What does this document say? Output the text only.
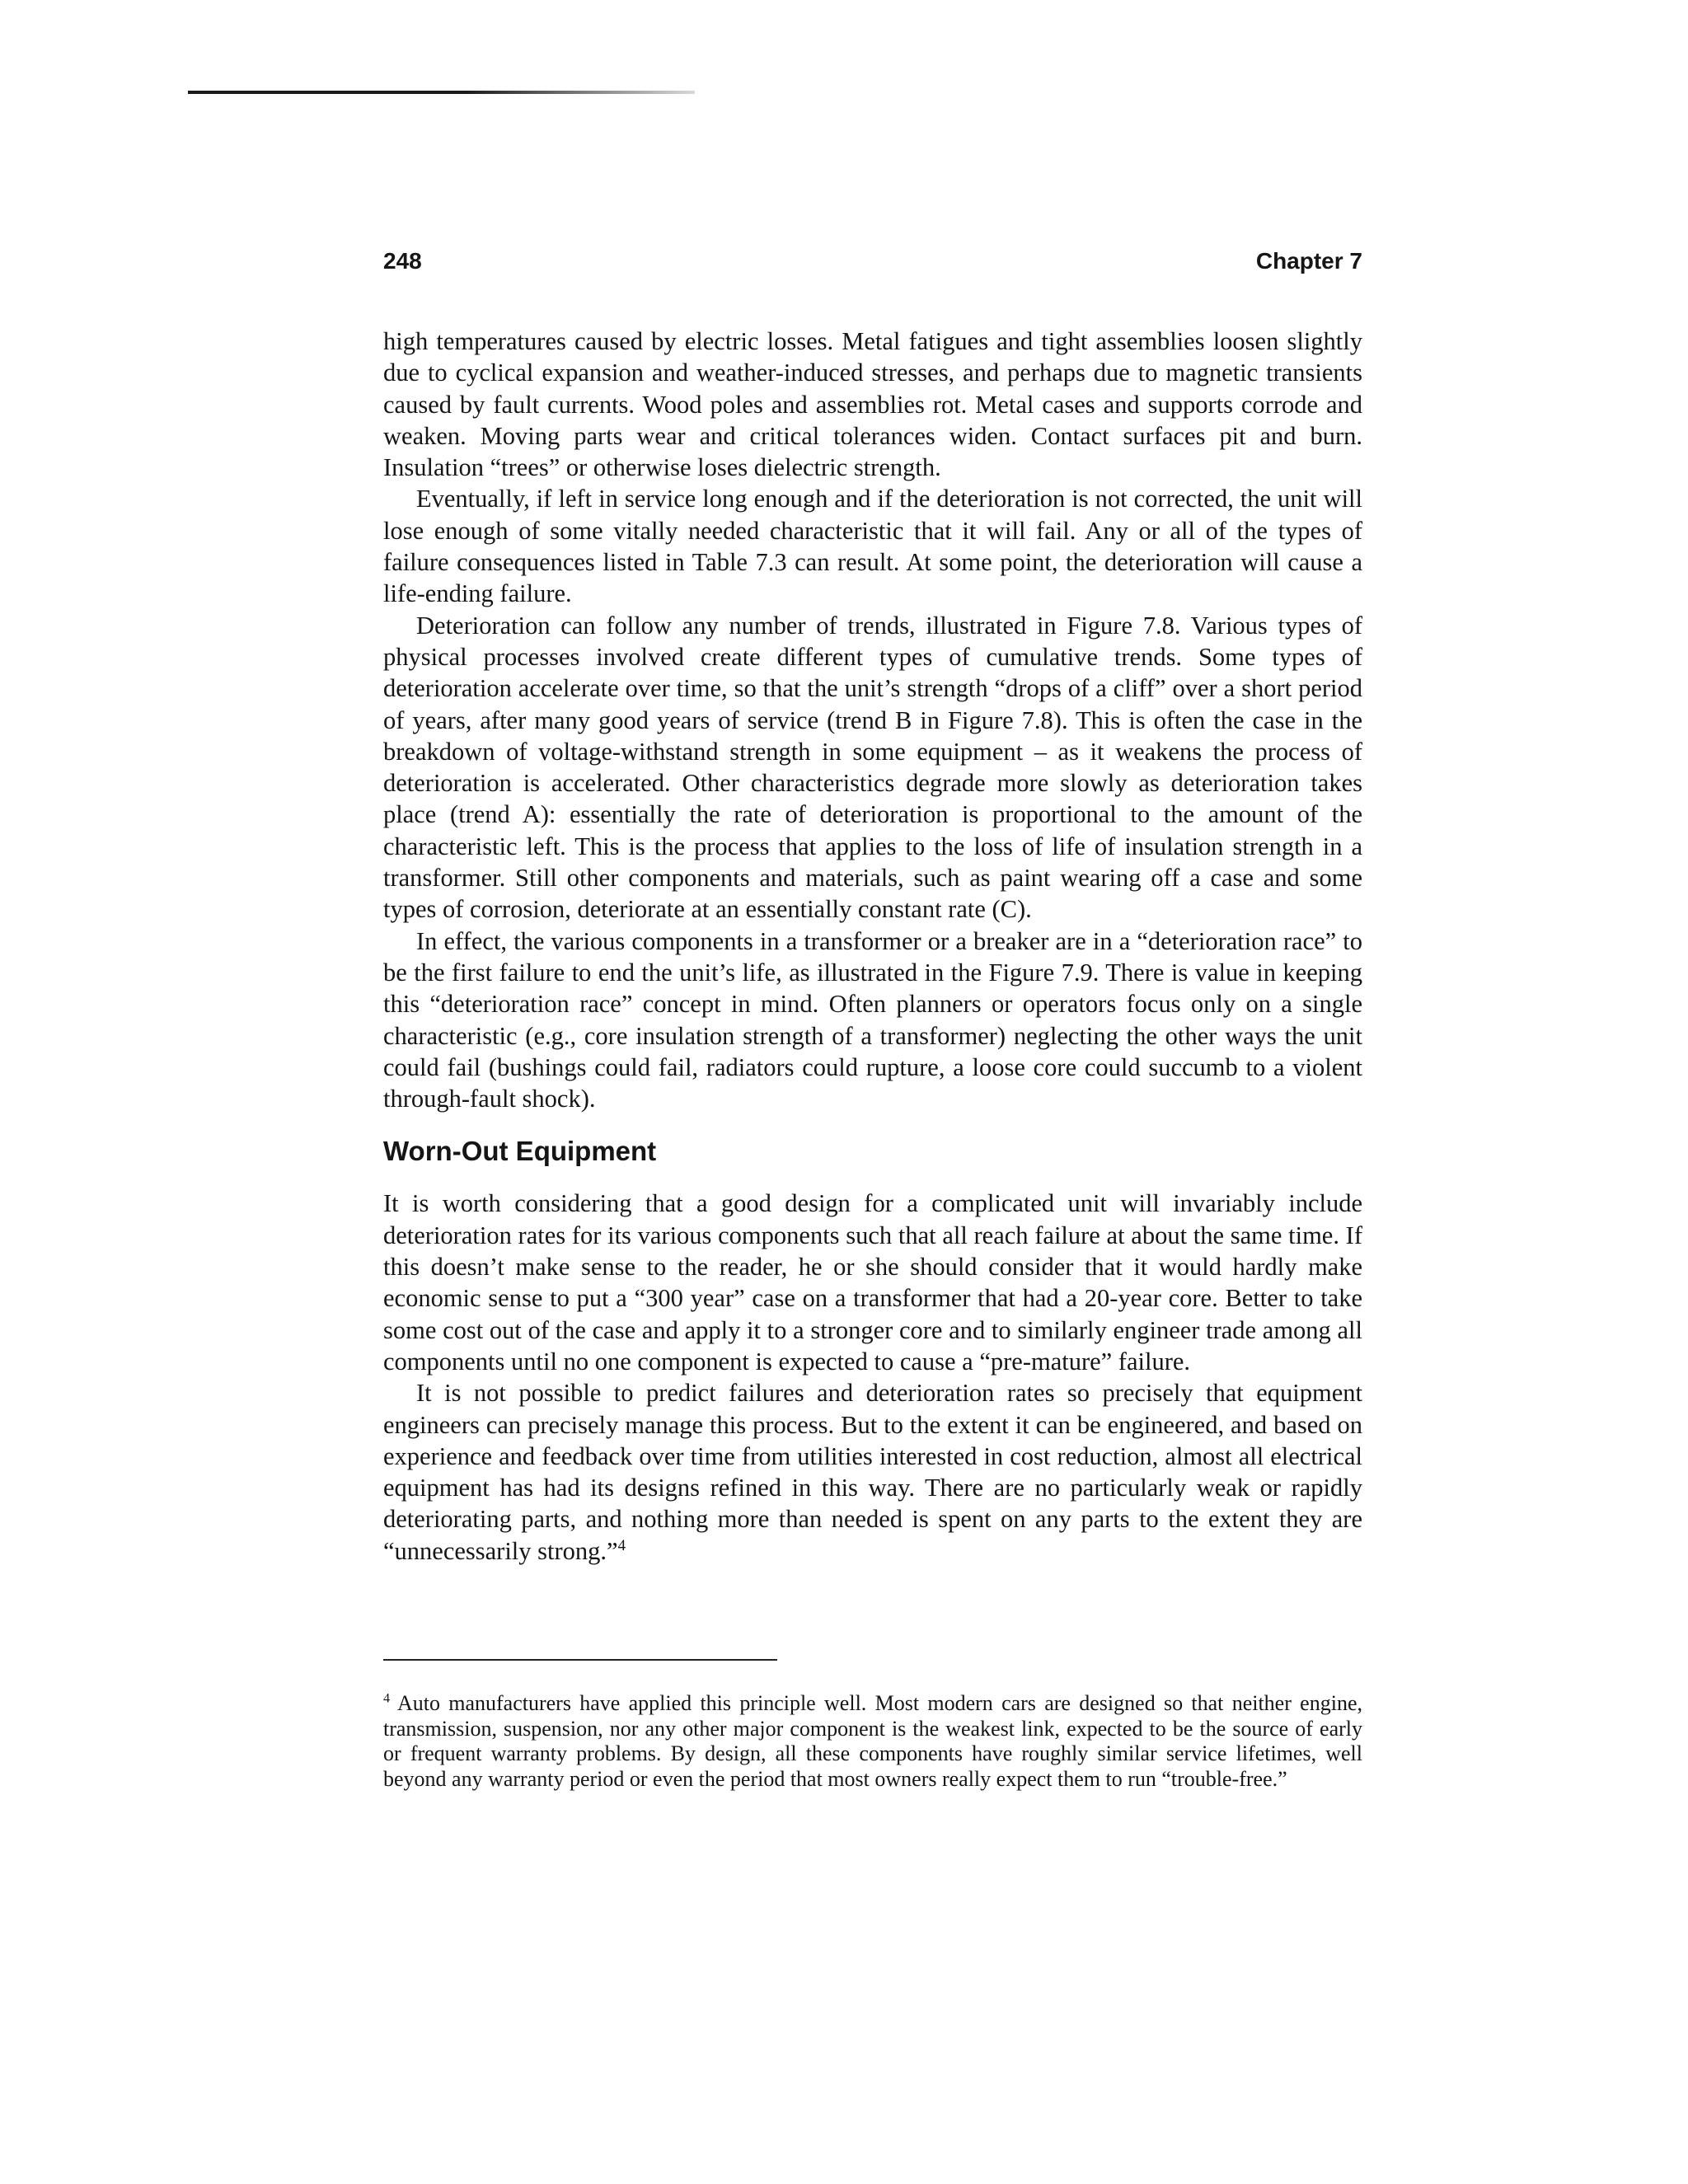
248	Chapter 7

high temperatures caused by electric losses. Metal fatigues and tight assemblies loosen slightly due to cyclical expansion and weather-induced stresses, and perhaps due to magnetic transients caused by fault currents. Wood poles and assemblies rot. Metal cases and supports corrode and weaken. Moving parts wear and critical tolerances widen. Contact surfaces pit and burn. Insulation “trees” or otherwise loses dielectric strength.

Eventually, if left in service long enough and if the deterioration is not corrected, the unit will lose enough of some vitally needed characteristic that it will fail. Any or all of the types of failure consequences listed in Table 7.3 can result. At some point, the deterioration will cause a life-ending failure.

Deterioration can follow any number of trends, illustrated in Figure 7.8. Various types of physical processes involved create different types of cumulative trends. Some types of deterioration accelerate over time, so that the unit’s strength “drops of a cliff” over a short period of years, after many good years of service (trend B in Figure 7.8). This is often the case in the breakdown of voltage-withstand strength in some equipment – as it weakens the process of deterioration is accelerated. Other characteristics degrade more slowly as deterioration takes place (trend A): essentially the rate of deterioration is proportional to the amount of the characteristic left. This is the process that applies to the loss of life of insulation strength in a transformer. Still other components and materials, such as paint wearing off a case and some types of corrosion, deteriorate at an essentially constant rate (C).

In effect, the various components in a transformer or a breaker are in a “deterioration race” to be the first failure to end the unit’s life, as illustrated in the Figure 7.9. There is value in keeping this “deterioration race” concept in mind. Often planners or operators focus only on a single characteristic (e.g., core insulation strength of a transformer) neglecting the other ways the unit could fail (bushings could fail, radiators could rupture, a loose core could succumb to a violent through-fault shock).

Worn-Out Equipment

It is worth considering that a good design for a complicated unit will invariably include deterioration rates for its various components such that all reach failure at about the same time. If this doesn’t make sense to the reader, he or she should consider that it would hardly make economic sense to put a “300 year” case on a transformer that had a 20-year core. Better to take some cost out of the case and apply it to a stronger core and to similarly engineer trade among all components until no one component is expected to cause a “pre-mature” failure.

It is not possible to predict failures and deterioration rates so precisely that equipment engineers can precisely manage this process. But to the extent it can be engineered, and based on experience and feedback over time from utilities interested in cost reduction, almost all electrical equipment has had its designs refined in this way. There are no particularly weak or rapidly deteriorating parts, and nothing more than needed is spent on any parts to the extent they are “unnecessarily strong.”$^4$

$^4$ Auto manufacturers have applied this principle well. Most modern cars are designed so that neither engine, transmission, suspension, nor any other major component is the weakest link, expected to be the source of early or frequent warranty problems. By design, all these components have roughly similar service lifetimes, well beyond any warranty period or even the period that most owners really expect them to run “trouble-free.”
